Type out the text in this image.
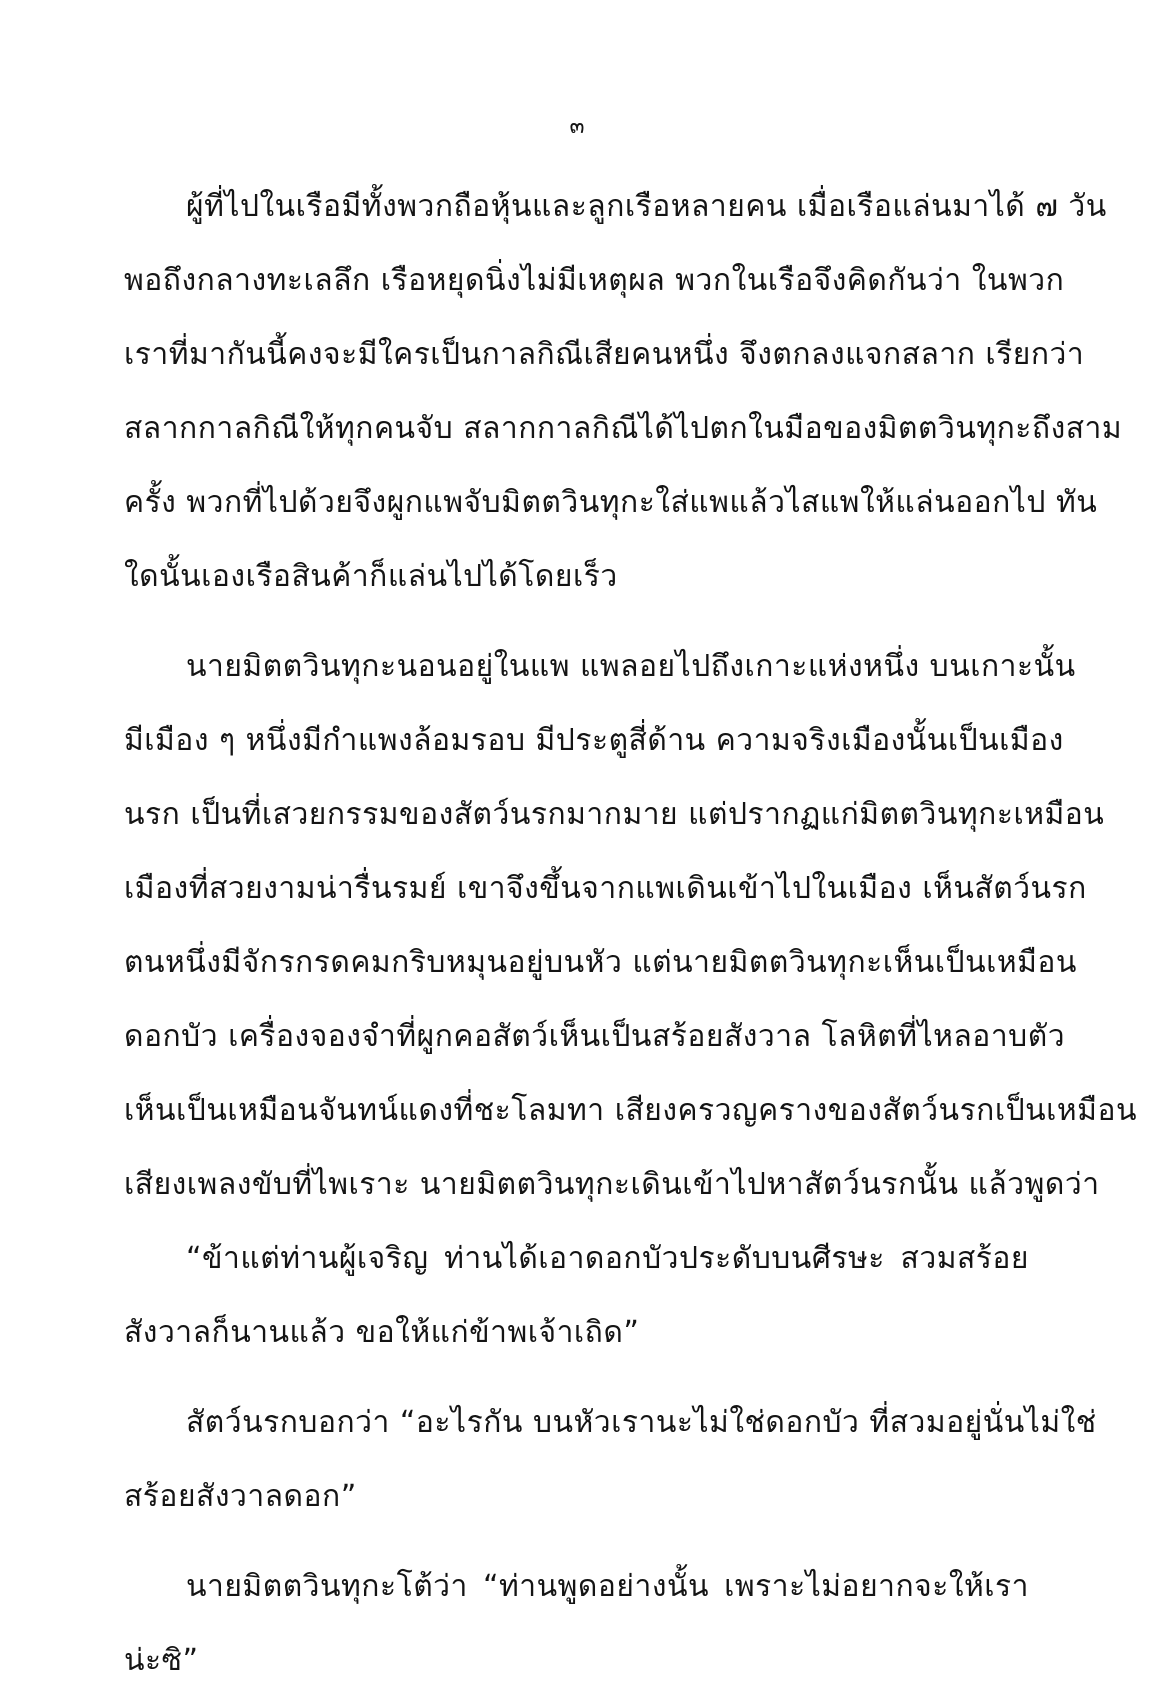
๓
ผู้ที่ไปในเรือมีทั้งพวกถือหุ้นและลูกเรือหลายคน เมื่อเรือแล่นมาได้ ๗ วัน
พอถึงกลางทะเลลึก เรือหยุดนิ่งไม่มีเหตุผล พวกในเรือจึงคิดกันว่า ในพวก
เราที่มากันนี้คงจะมีใครเป็นกาลกิณีเสียคนหนึ่ง จึงตกลงแจกสลาก เรียกว่า
สลากกาลกิณีให้ทุกคนจับ สลากกาลกิณีได้ไปตกในมือของมิตตวินทุกะถึงสาม
ครั้ง พวกที่ไปด้วยจึงผูกแพจับมิตตวินทุกะใส่แพแล้วไสแพให้แล่นออกไป ทัน
ใดนั้นเองเรือสินค้าก็แล่นไปได้โดยเร็ว
นายมิตตวินทุกะนอนอยู่ในแพ แพลอยไปถึงเกาะแห่งหนึ่ง บนเกาะนั้น
มีเมือง ๆ หนึ่งมีกำแพงล้อมรอบ มีประตูสี่ด้าน ความจริงเมืองนั้นเป็นเมือง
นรก เป็นที่เสวยกรรมของสัตว์นรกมากมาย แต่ปรากฏแก่มิตตวินทุกะเหมือน
เมืองที่สวยงามน่ารื่นรมย์ เขาจึงขึ้นจากแพเดินเข้าไปในเมือง เห็นสัตว์นรก
ตนหนึ่งมีจักรกรดคมกริบหมุนอยู่บนหัว แต่นายมิตตวินทุกะเห็นเป็นเหมือน
ดอกบัว เครื่องจองจำที่ผูกคอสัตว์เห็นเป็นสร้อยสังวาล โลหิตที่ไหลอาบตัว
เห็นเป็นเหมือนจันทน์แดงที่ชะโลมทา เสียงครวญครางของสัตว์นรกเป็นเหมือน
เสียงเพลงขับที่ไพเราะ นายมิตตวินทุกะเดินเข้าไปหาสัตว์นรกนั้น แล้วพูดว่า
“ข้าแต่ท่านผู้เจริญ ท่านได้เอาดอกบัวประดับบนศีรษะ สวมสร้อย
สังวาลก็นานแล้ว ขอให้แก่ข้าพเจ้าเถิด”
สัตว์นรกบอกว่า “อะไรกัน บนหัวเรานะไม่ใช่ดอกบัว ที่สวมอยู่นั่นไม่ใช่
สร้อยสังวาลดอก”
นายมิตตวินทุกะโต้ว่า “ท่านพูดอย่างนั้น เพราะไม่อยากจะให้เรา
น่ะซิ”
